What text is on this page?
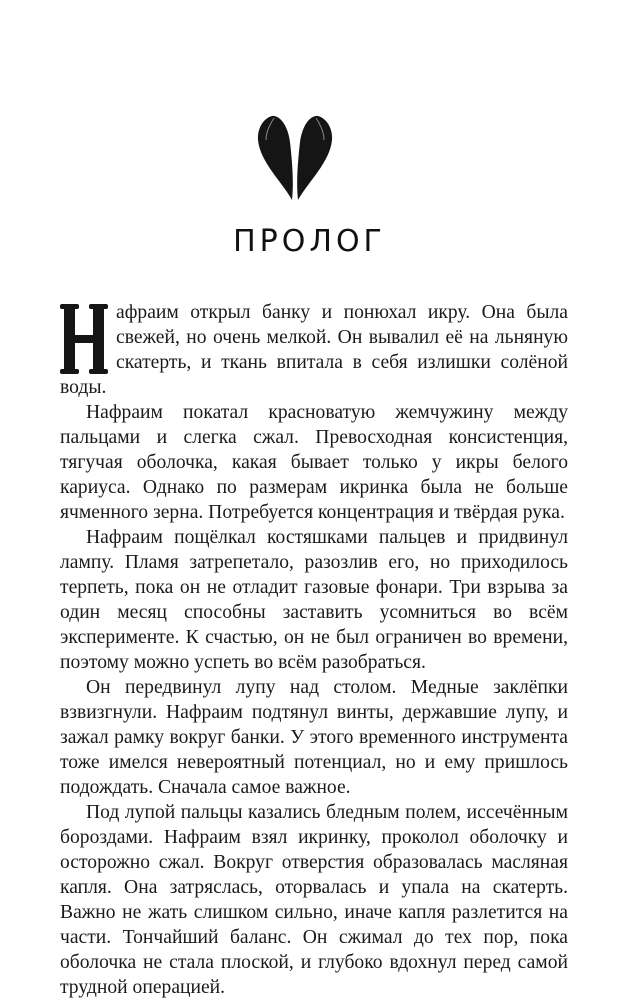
ПРОЛОГ

афраим открыл банку и понюхал икру. Она была свежей, но очень мелкой. Он вывалил её на льняную скатерть, и ткань впитала в себя излишки солёной воды.

Нафраим покатал красноватую жемчужину между пальцами и слегка сжал. Превосходная консистенция, тягучая оболочка, какая бывает только у икры белого кариуса. Однако по размерам икринка была не больше ячменного зерна. Потребуется концентрация и твёрдая рука.

Нафраим пощёлкал костяшками пальцев и придвинул лампу. Пламя затрепетало, разозлив его, но приходилось терпеть, пока он не отладит газовые фонари. Три взрыва за один месяц способны заставить усомниться во всём эксперименте. К счастью, он не был ограничен во времени, поэтому можно успеть во всём разобраться.

Он передвинул лупу над столом. Медные заклёпки взвизгнули. Нафраим подтянул винты, державшие лупу, и зажал рамку вокруг банки. У этого временного инструмента тоже имелся невероятный потенциал, но и ему пришлось подождать. Сначала самое важное.

Под лупой пальцы казались бледным полем, иссечённым бороздами. Нафраим взял икринку, проколол оболочку и осторожно сжал. Вокруг отверстия образовалась масляная капля. Она затряслась, оторвалась и упала на скатерть. Важно не жать слишком сильно, иначе капля разлетится на части. Тончайший баланс. Он сжимал до тех пор, пока оболочка не стала плоской, и глубоко вдохнул перед самой трудной операцией.
